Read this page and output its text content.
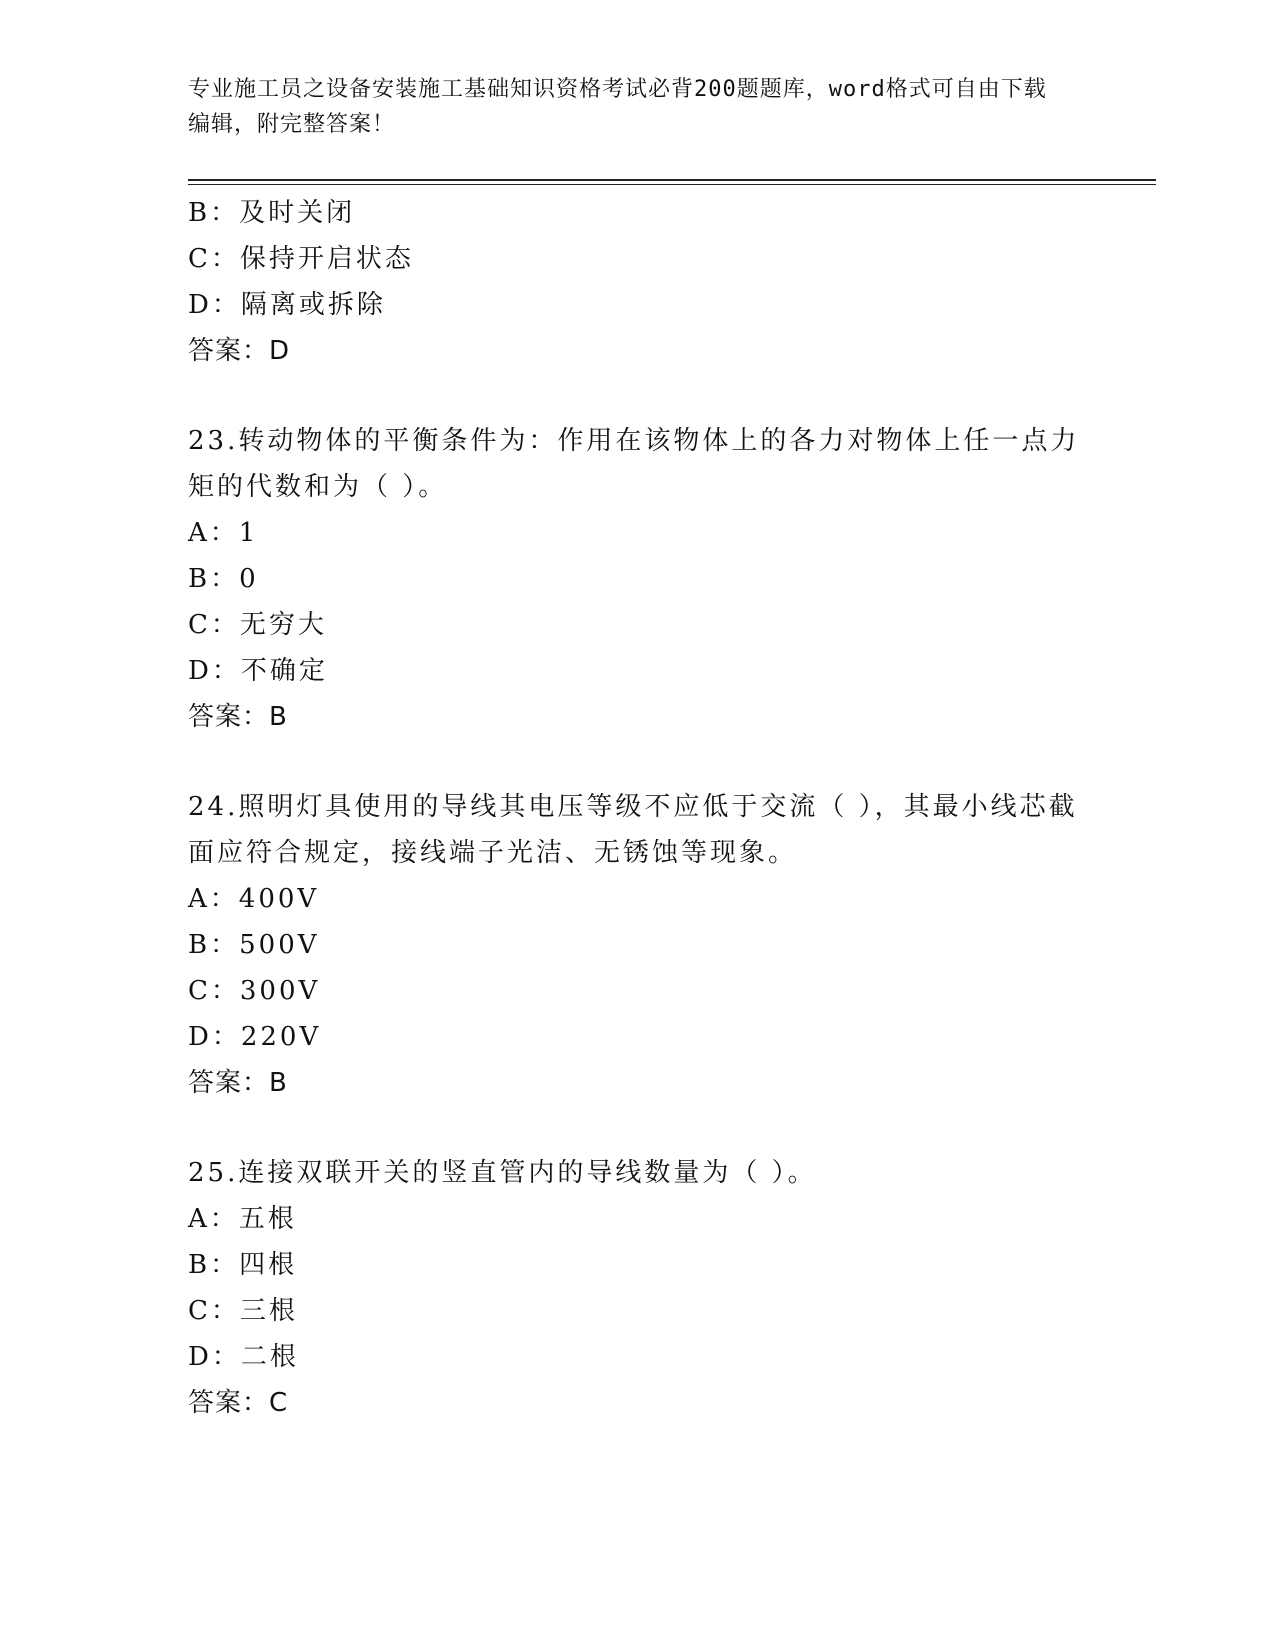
专业施工员之设备安装施工基础知识资格考试必背200题题库，word格式可自由下载编辑，附完整答案！
B：及时关闭
C：保持开启状态
D：隔离或拆除
答案：D
23.转动物体的平衡条件为：作用在该物体上的各力对物体上任一点力矩的代数和为（ ）。
A：1
B：0
C：无穷大
D：不确定
答案：B
24.照明灯具使用的导线其电压等级不应低于交流（ ），其最小线芯截面应符合规定，接线端子光洁、无锈蚀等现象。
A：400V
B：500V
C：300V
D：220V
答案：B
25.连接双联开关的竖直管内的导线数量为（ ）。
A：五根
B：四根
C：三根
D：二根
答案：C
